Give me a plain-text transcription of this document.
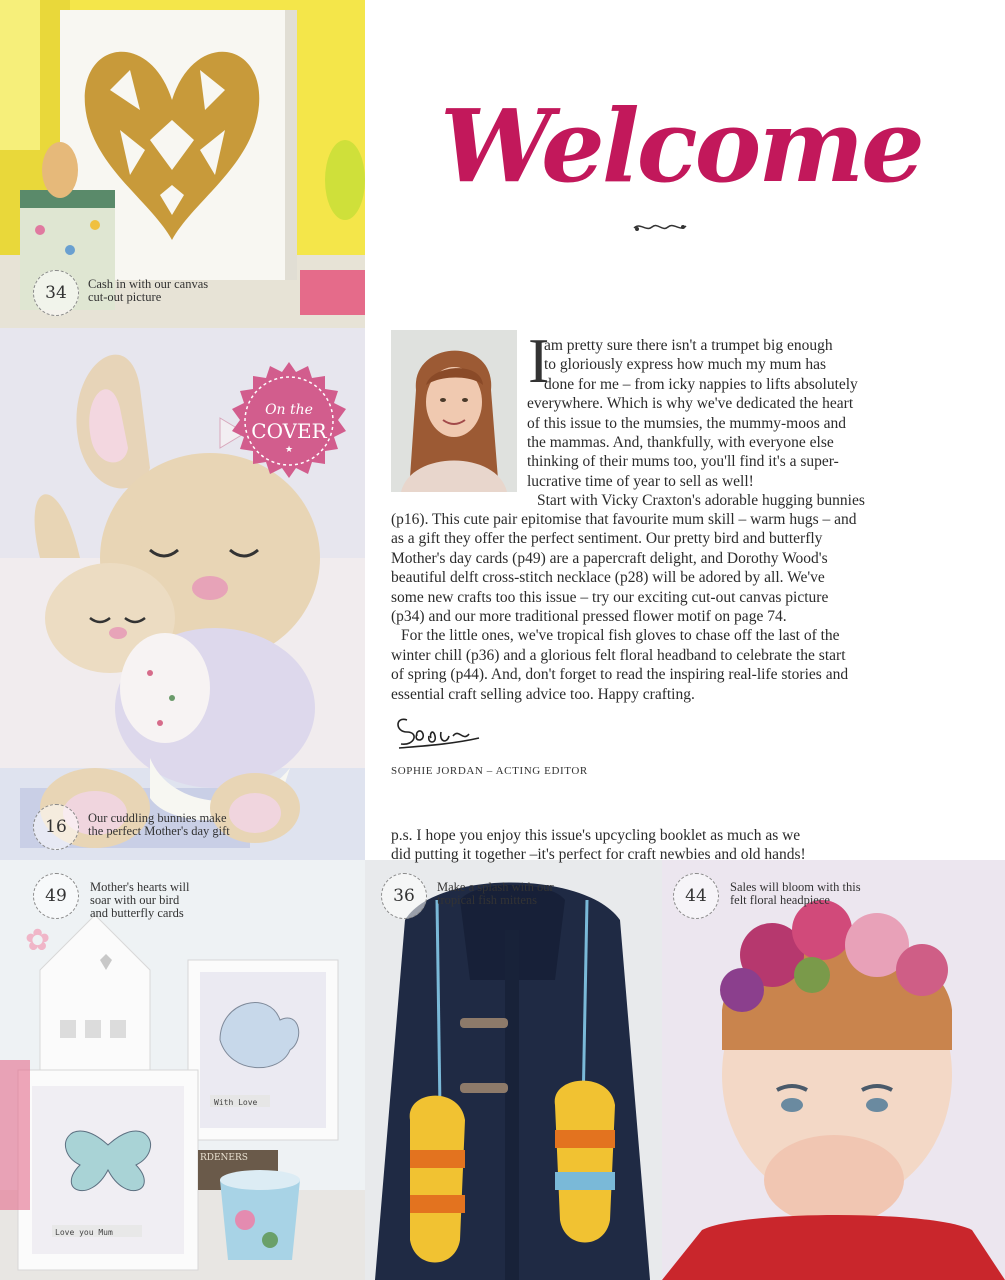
34 Cash in with our canvas
cut-out picture
On the
COVER
★
16 Our cuddling bunnies make
the perfect Mother's day gift
With Love
Love you Mum
RDENERS
✿
49 Mother's hearts will
soar with our bird
and butterfly cards
36 Make a splash with our
tropical fish mittens	44 Sales will bloom with this
felt floral headpiece
Welcome
I
am pretty sure there isn't a trumpet big enough
to gloriously express how much my mum has
done for me – from icky nappies to lifts absolutely
everywhere. Which is why we've dedicated the heart
of this issue to the mumsies, the mummy-moos and
the mammas. And, thankfully, with everyone else
thinking of their mums too, you'll find it's a super-
lucrative time of year to sell as well!
Start with Vicky Craxton's adorable hugging bunnies
(p16). This cute pair epitomise that favourite mum skill – warm hugs – and
as a gift they offer the perfect sentiment. Our pretty bird and butterfly
Mother's day cards (p49) are a papercraft delight, and Dorothy Wood's
beautiful delft cross-stitch necklace (p28) will be adored by all. We've
some new crafts too this issue – try our exciting cut-out canvas picture
(p34) and our more traditional pressed flower motif on page 74.
For the little ones, we've tropical fish gloves to chase off the last of the
winter chill (p36) and a glorious felt floral headband to celebrate the start
of spring (p44). And, don't forget to read the inspiring real-life stories and
essential craft selling advice too. Happy crafting.
SOPHIE JORDAN – ACTING EDITOR
p.s. I hope you enjoy this issue's upcycling booklet as much as we
did putting it together –it's perfect for craft newbies and old hands!
